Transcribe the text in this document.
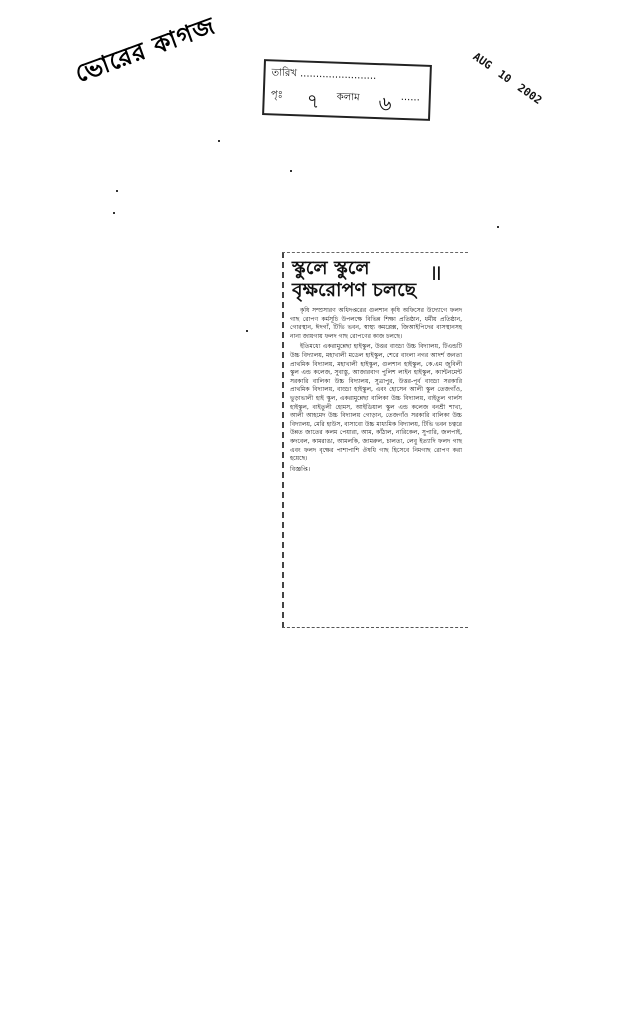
ভোরের কাগজ	AUG 10 2002
তারিখ ........................
পৃঃ ৭ কলাম ৬ ......
॥
স্কুলে স্কুলে বৃক্ষরোপণ চলছে

কৃষি সম্প্রসারণ অধিদপ্তরের গুলশান কৃষি অফিসের উদ্যোগে ফলদ গাছ রোপণ কর্মসূচি উপলক্ষে বিভিন্ন শিক্ষা প্রতিষ্ঠান, ধর্মীয় প্রতিষ্ঠান, গোরস্থান, ঈদগাঁ, টিভি ভবন, স্বাস্থ্য কমপ্লেক্স, জিআইপিদের বাসস্থানসহ নানা জায়গায় ফলদ গাছ রোপণের কাজ চলছে।

ইতিমধ্যে একরামুন্নেছা হাইস্কুল, উত্তর বাড্ডা উচ্চ বিদ্যালয়, টিএন্ডটি উচ্চ বিদ্যালয়, মহাখালী মডেল হাইস্কুল, শেরে বাংলা নগর আদর্শ জনতা প্রাথমিক বিদ্যালয়, মহাখালী হাইস্কুল, গুলশান হাইস্কুল, কে.এম জুবিলী স্কুল এন্ড কলেজ, সুবাস্তু, আজারবাগ পুলিশ লাইন হাইস্কুল, ক্যান্টনমেন্ট সরকারি বালিকা উচ্চ বিদ্যালয়, সুত্রাপুর, উত্তর-পূর্ব বাড্ডা সরকারি প্রাথমিক বিদ্যালয়, বাড্ডা হাইস্কুল, এবং হোসেন আলী স্কুল তেজগাঁও, ভুড়াভালী হাই স্কুল, একরামুন্নেছা বালিকা উচ্চ বিদ্যালয়, বাইতুল গার্লস হাইস্কুল, বাইতুলী হোমস, আইডিয়াল স্কুল এন্ড কলেজ বনশ্রী শাখা, আলী আহমেদ উচ্চ বিদ্যালয় গোড়ান, তেজগাঁও সরকারি বালিকা উচ্চ বিদ্যালয়, মেরি হাউস, বাসাবো উচ্চ মাধ্যমিক বিদ্যালয়, টিভি ভবন চত্বরে উন্নত জাতের কলম পেয়ারা, আম, কাঁঠাল, নারিকেল, সুপারি, জলপাই, কদবেল, কামরাঙা, আমলকি, জামরুল, চালতা, লেবু ইত্যাদি ফলদ গাছ এবং ফলদ বৃক্ষের পাশাপাশি ঔষধি গাছ হিসেবে নিমগাছ রোপণ করা হয়েছে।

বিজ্ঞপ্তি।
